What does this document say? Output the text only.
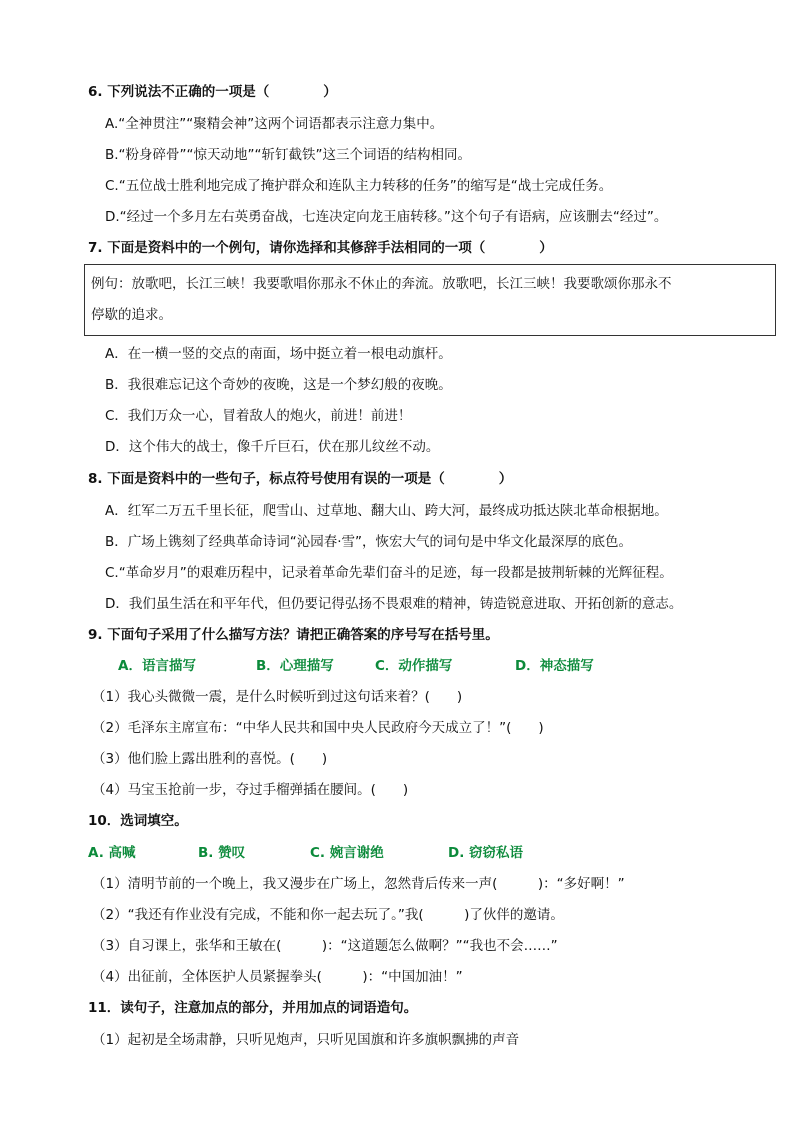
6. 下列说法不正确的一项是（　　　　）
A.“全神贯注”“聚精会神”这两个词语都表示注意力集中。
B.“粉身碎骨”“惊天动地”“斩钉截铁”这三个词语的结构相同。
C.“五位战士胜利地完成了掩护群众和连队主力转移的任务”的缩写是“战士完成任务。
D.“经过一个多月左右英勇奋战，七连决定向龙王庙转移。”这个句子有语病，应该删去“经过”。
7. 下面是资料中的一个例句，请你选择和其修辞手法相同的一项（　　　　）
例句：放歌吧，长江三峡！我要歌唱你那永不休止的奔流。放歌吧，长江三峡！我要歌颂你那永不
停歇的追求。
A．在一横一竖的交点的南面，场中挺立着一根电动旗杆。
B．我很难忘记这个奇妙的夜晚，这是一个梦幻般的夜晚。
C．我们万众一心，冒着敌人的炮火，前进！前进！
D．这个伟大的战士，像千斤巨石，伏在那儿纹丝不动。
8. 下面是资料中的一些句子，标点符号使用有误的一项是（　　　　）
A．红军二万五千里长征，爬雪山、过草地、翻大山、跨大河，最终成功抵达陕北革命根据地。
B．广场上镌刻了经典革命诗词“沁园春·雪”，恢宏大气的词句是中华文化最深厚的底色。
C.“革命岁月”的艰难历程中，记录着革命先辈们奋斗的足迹，每一段都是披荆斩棘的光辉征程。
D．我们虽生活在和平年代，但仍要记得弘扬不畏艰难的精神，铸造锐意进取、开拓创新的意志。
9. 下面句子采用了什么描写方法？请把正确答案的序号写在括号里。
A．语言描写	B．心理描写	C．动作描写	D．神态描写
（1）我心头微微一震，是什么时候听到过这句话来着？(　　)
（2）毛泽东主席宣布：“中华人民共和国中央人民政府今天成立了！”(　　)
（3）他们脸上露出胜利的喜悦。(　　)
（4）马宝玉抢前一步，夺过手榴弹插在腰间。(　　)
10．选词填空。
A. 高喊	B. 赞叹	C. 婉言谢绝	D. 窃窃私语
（1）清明节前的一个晚上，我又漫步在广场上，忽然背后传来一声(　　　)：“多好啊！”
（2）“我还有作业没有完成，不能和你一起去玩了。”我(　　　)了伙伴的邀请。
（3）自习课上，张华和王敏在(　　　)：“这道题怎么做啊？”“我也不会……”
（4）出征前，全体医护人员紧握拳头(　　　)：“中国加油！”
11．读句子，注意加点的部分，并用加点的词语造句。
（1）起初是全场肃静，只听见炮声，只听见国旗和许多旗帜飘拂的声音
